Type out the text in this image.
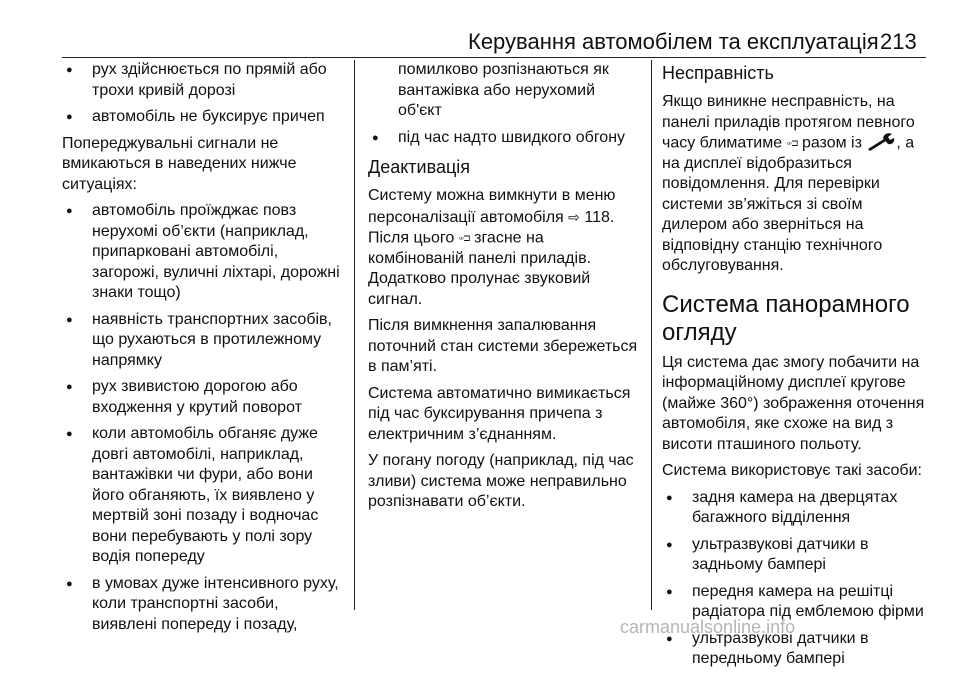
Керування автомобілем та експлуатація 213
● рух здійснюється по прямій або трохи кривій дорозі
● автомобіль не буксирує причеп
Попереджувальні сигнали не вмикаються в наведених нижче ситуаціях:
● автомобіль проїжджає повз нерухомі об’єкти (наприклад, припарковані автомобілі, загорожі, вуличні ліхтарі, дорожні знаки тощо)
● наявність транспортних засобів, що рухаються в протилежному напрямку
● рух звивистою дорогою або входження у крутий поворот
● коли автомобіль обганяє дуже довгі автомобілі, наприклад, вантажівки чи фури, або вони його обганяють, їх виявлено у мертвій зоні позаду і водночас вони перебувають у полі зору водія попереду
● в умовах дуже інтенсивного руху, коли транспортні засоби, виявлені попереду і позаду,
помилково розпізнаються як вантажівка або нерухомий об'єкт
● під час надто швидкого обгону
Деактивація
Систему можна вимкнути в меню персоналізації автомобіля ⇨ 118. Після цього ▫◦⊐ згасне на комбінованій панелі приладів. Додатково пролунає звуковий сигнал.
Після вимкнення запалювання поточний стан системи збережеться в пам’яті.
Система автоматично вимикається під час буксирування причепа з електричним з’єднанням.
У погану погоду (наприклад, під час зливи) система може неправильно розпізнавати об’єкти.
Несправність
Якщо виникне несправність, на панелі приладів протягом певного часу блиматиме ▫◦⊐ разом із , а на дисплеї відобразиться повідомлення. Для перевірки системи зв’яжіться зі своїм дилером або зверніться на відповідну станцію технічного обслуговування.
Система панорамного огляду
Ця система дає змогу побачити на інформаційному дисплеї кругове (майже 360°) зображення оточення автомобіля, яке схоже на вид з висоти пташиного польоту.
Система використовує такі засоби:
● задня камера на дверцятах багажного відділення
● ультразвукові датчики в задньому бампері
● передня камера на решітці радіатора під емблемою фірми
● ультразвукові датчики в передньому бампері
carmanualsonline.info
